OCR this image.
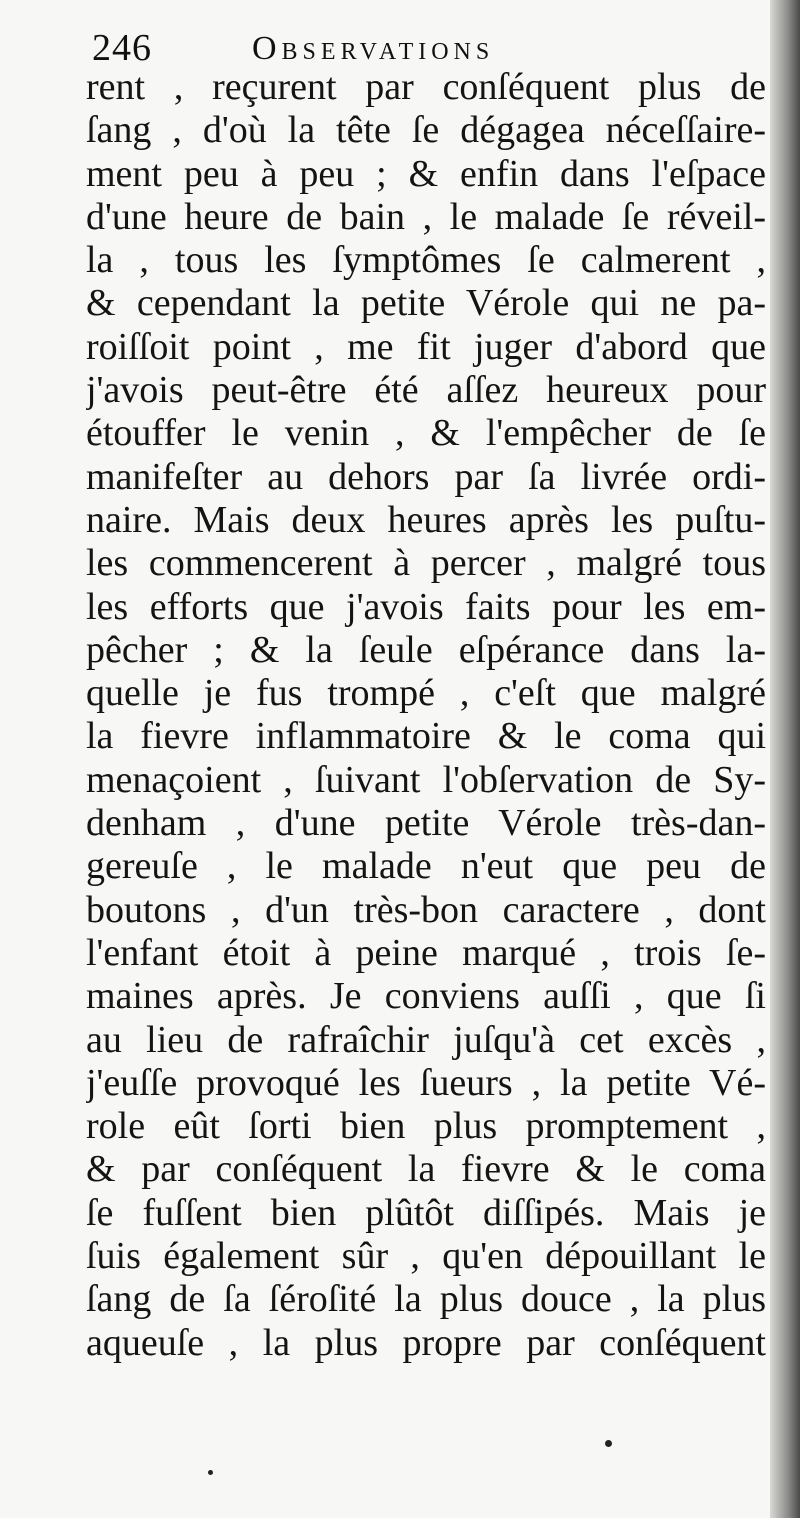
246	Observations
rent , reçurent par conſéquent plus de
ſang , d'où la tête ſe dégagea néceſſaire-
ment peu à peu ; & enfin dans l'eſpace
d'une heure de bain , le malade ſe réveil-
la , tous les ſymptômes ſe calmerent ,
& cependant la petite Vérole qui ne pa-
roiſſoit point , me fit juger d'abord que
j'avois peut-être été aſſez heureux pour
étouffer le venin , & l'empêcher de ſe
manifeſter au dehors par ſa livrée ordi-
naire. Mais deux heures après les puſtu-
les commencerent à percer , malgré tous
les efforts que j'avois faits pour les em-
pêcher ; & la ſeule eſpérance dans la-
quelle je fus trompé , c'eſt que malgré
la fievre inflammatoire & le coma qui
menaçoient , ſuivant l'obſervation de Sy-
denham , d'une petite Vérole très-dan-
gereuſe , le malade n'eut que peu de
boutons , d'un très-bon caractere , dont
l'enfant étoit à peine marqué , trois ſe-
maines après. Je conviens auſſi , que ſi
au lieu de rafraîchir juſqu'à cet excès ,
j'euſſe provoqué les ſueurs , la petite Vé-
role eût ſorti bien plus promptement ,
& par conſéquent la fievre & le coma
ſe fuſſent bien plûtôt diſſipés. Mais je
ſuis également sûr , qu'en dépouillant le
ſang de ſa ſéroſité la plus douce , la plus
aqueuſe , la plus propre par conſéquent
